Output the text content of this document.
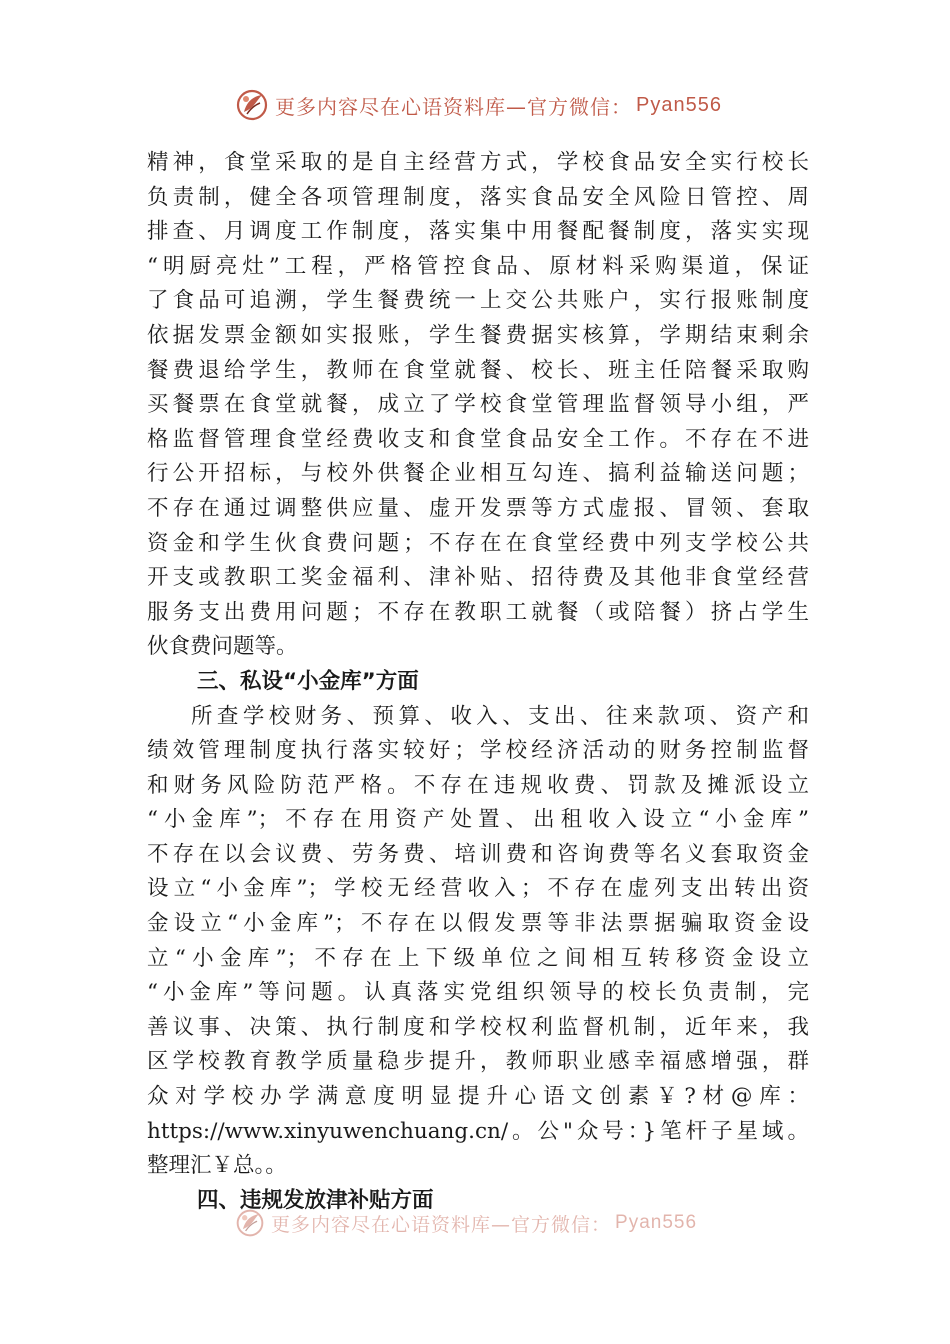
更多内容尽在心语资料库—官方微信： Pyan556
精神，食堂采取的是自主经营方式，学校食品安全实行校长
负责制，健全各项管理制度，落实食品安全风险日管控、周
排查、月调度工作制度，落实集中用餐配餐制度，落实实现
“明厨亮灶”工程，严格管控食品、原材料采购渠道，保证
了食品可追溯，学生餐费统一上交公共账户，实行报账制度
依据发票金额如实报账，学生餐费据实核算，学期结束剩余
餐费退给学生，教师在食堂就餐、校长、班主任陪餐采取购
买餐票在食堂就餐，成立了学校食堂管理监督领导小组，严
格监督管理食堂经费收支和食堂食品安全工作。不存在不进
行公开招标，与校外供餐企业相互勾连、搞利益输送问题；
不存在通过调整供应量、虚开发票等方式虚报、冒领、套取
资金和学生伙食费问题；不存在在食堂经费中列支学校公共
开支或教职工奖金福利、津补贴、招待费及其他非食堂经营
服务支出费用问题；不存在教职工就餐（或陪餐）挤占学生
伙食费问题等。
三、私设“小金库”方面
所查学校财务、预算、收入、支出、往来款项、资产和
绩效管理制度执行落实较好；学校经济活动的财务控制监督
和财务风险防范严格。不存在违规收费、罚款及摊派设立
“小金库”；不存在用资产处置、出租收入设立“小金库”
不存在以会议费、劳务费、培训费和咨询费等名义套取资金
设立“小金库”；学校无经营收入；不存在虚列支出转出资
金设立“小金库”；不存在以假发票等非法票据骗取资金设
立“小金库”；不存在上下级单位之间相互转移资金设立
“小金库”等问题。认真落实党组织领导的校长负责制，完
善议事、决策、执行制度和学校权利监督机制，近年来，我
区学校教育教学质量稳步提升，教师职业感幸福感增强，群
众对学校办学满意度明显提升心语文创素￥?材@库：
https://www.xinyuwenchuang.cn/。公"众号：}笔杆子星域。
整理汇￥总。。
四、违规发放津补贴方面
更多内容尽在心语资料库—官方微信： Pyan556
